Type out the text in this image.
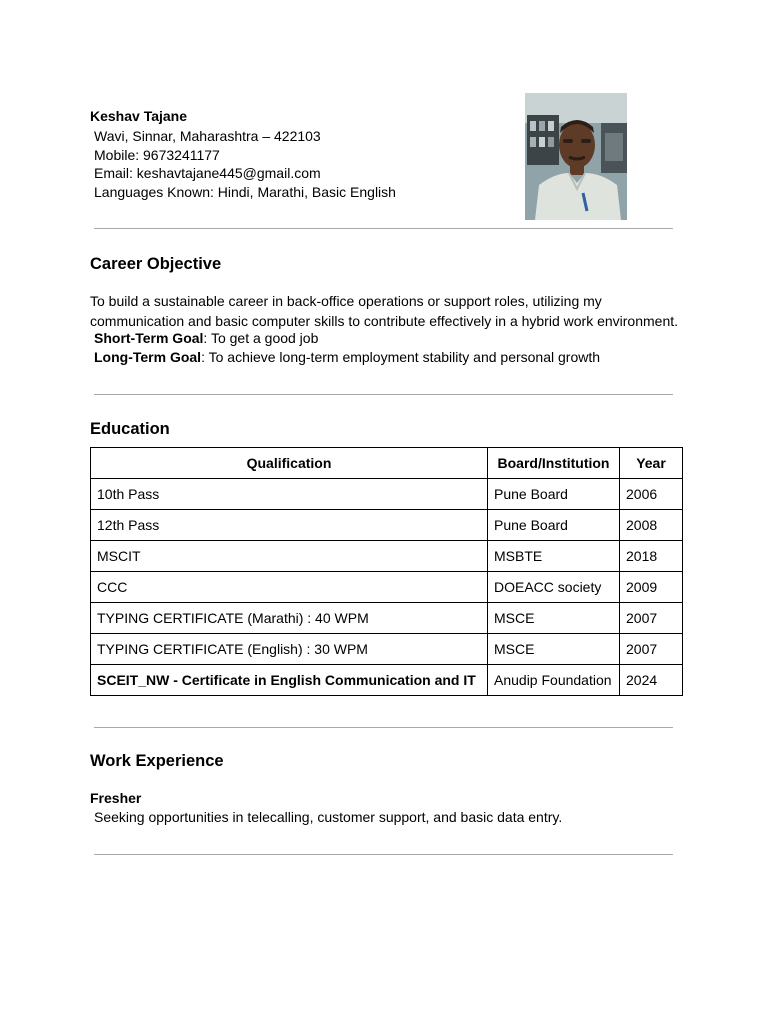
Keshav Tajane
Wavi, Sinnar, Maharashtra – 422103
Mobile: 9673241177
Email: keshavtajane445@gmail.com
Languages Known: Hindi, Marathi, Basic English
Career Objective
To build a sustainable career in back-office operations or support roles, utilizing my communication and basic computer skills to contribute effectively in a hybrid work environment.
Short-Term Goal: To get a good job
Long-Term Goal: To achieve long-term employment stability and personal growth
Education
Qualification	Board/Institution	Year
10th Pass	Pune Board	2006
12th Pass	Pune Board	2008
MSCIT	MSBTE	2018
CCC	DOEACC society	2009
TYPING CERTIFICATE (Marathi) : 40 WPM	MSCE	2007
TYPING CERTIFICATE (English) : 30 WPM	MSCE	2007
SCEIT_NW - Certificate in English Communication and IT	Anudip Foundation	2024
Work Experience
Fresher
Seeking opportunities in telecalling, customer support, and basic data entry.
